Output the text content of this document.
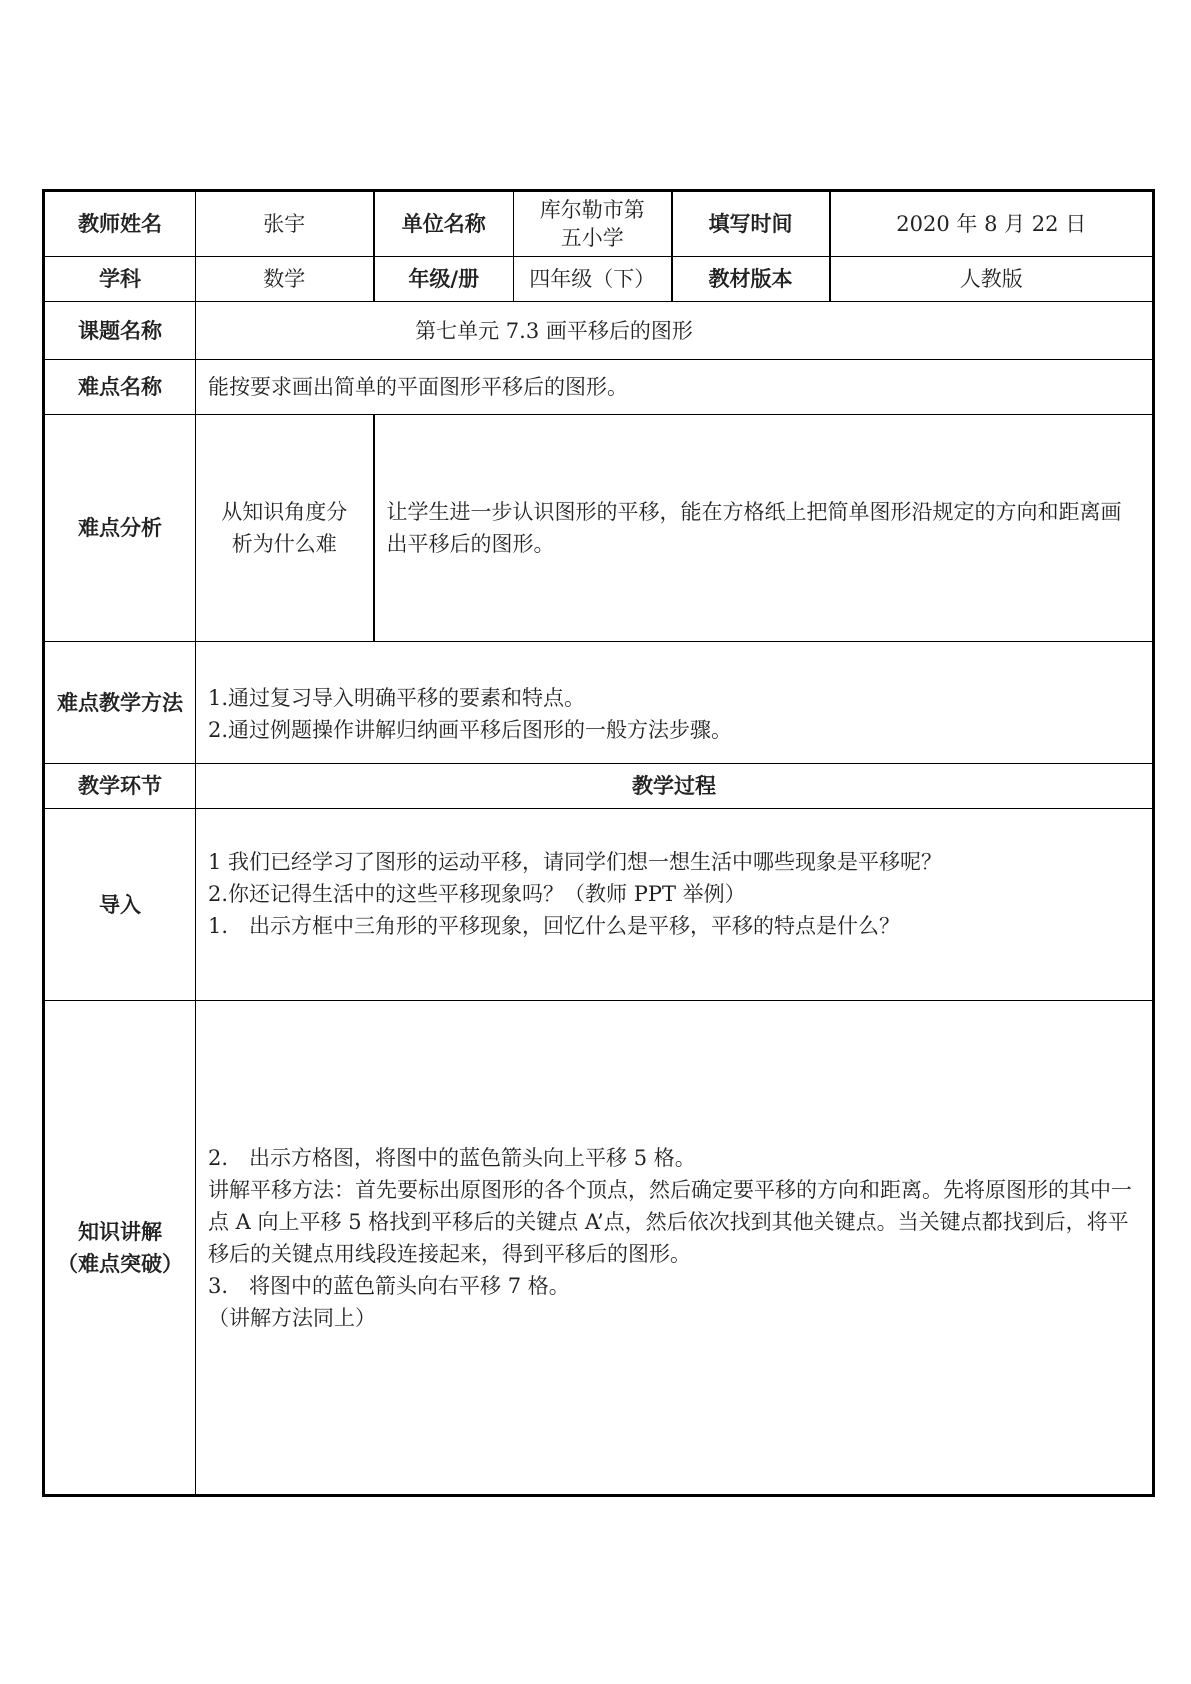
教师姓名	张宇	单位名称	库尔勒市第五小学	填写时间	2020 年 8 月 22 日
学科	数学	年级/册	四年级（下）	教材版本	人教版
课题名称	第七单元 7.3 画平移后的图形				
难点名称	能按要求画出简单的平面图形平移后的图形。				
难点分析	从知识角度分析为什么难	让学生进一步认识图形的平移，能在方格纸上把简单图形沿规定的方向和距离画出平移后的图形。			
难点教学方法	1.通过复习导入明确平移的要素和特点。
2.通过例题操作讲解归纳画平移后图形的一般方法步骤。				

教学环节	教学过程				
导入	1 我们已经学习了图形的运动平移，请同学们想一想生活中哪些现象是平移呢？
2.你还记得生活中的这些平移现象吗？（教师 PPT 举例）
1.　出示方框中三角形的平移现象，回忆什么是平移，平移的特点是什么？				

知识讲解
（难点突破）	2.　出示方格图，将图中的蓝色箭头向上平移 5 格。
讲解平移方法：首先要标出原图形的各个顶点，然后确定要平移的方向和距离。先将原图形的其中一点 A 向上平移 5 格找到平移后的关键点 A’点，然后依次找到其他关键点。当关键点都找到后，将平移后的关键点用线段连接起来，得到平移后的图形。
3.　将图中的蓝色箭头向右平移 7 格。
（讲解方法同上）				
